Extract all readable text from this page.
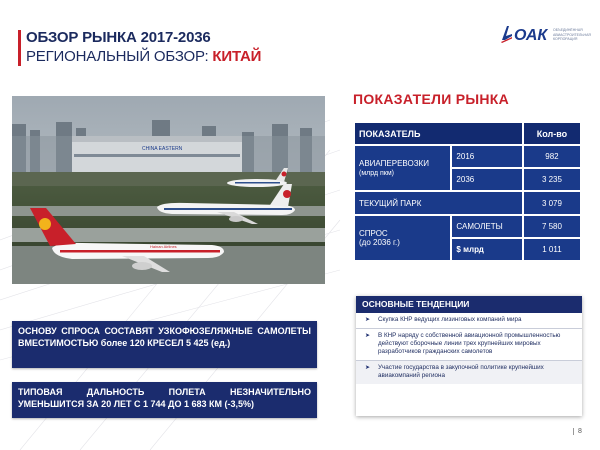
ОБЗОР РЫНКА 2017-2036
РЕГИОНАЛЬНЫЙ ОБЗОР: КИТАЙ
ОАК ОБЪЕДИНЁННАЯ АВИАСТРОИТЕЛЬНАЯ КОРПОРАЦИЯ
CHINA EASTERN
Hainan Airlines
ПОКАЗАТЕЛИ РЫНКА
ПОКАЗАТЕЛЬ		Кол-во
АВИАПЕРЕВОЗКИ
(млрд пкм)	2016	982
	2036	3 235
ТЕКУЩИЙ ПАРК		3 079
СПРОС
(до 2036 г.)	САМОЛЕТЫ	7 580
	$ млрд	1 011
ОСНОВУ СПРОСА СОСТАВЯТ УЗКОФЮЗЕЛЯЖНЫЕ САМОЛЕТЫ ВМЕСТИМОСТЬЮ более 120 КРЕСЕЛ 5 425 (ед.)
ТИПОВАЯ ДАЛЬНОСТЬ ПОЛЕТА НЕЗНАЧИТЕЛЬНО УМЕНЬШИТСЯ ЗА 20 ЛЕТ С 1 744 ДО 1 683 КМ (-3,5%)
ОСНОВНЫЕ ТЕНДЕНЦИИ
➤ Скупка КНР ведущих лизинговых компаний мира
➤ В КНР наряду с собственной авиационной промышленностью действуют сборочные линии трех крупнейших мировых разработчиков гражданских самолетов
➤ Участие государства в закупочной политике крупнейших авиакомпаний региона
8
